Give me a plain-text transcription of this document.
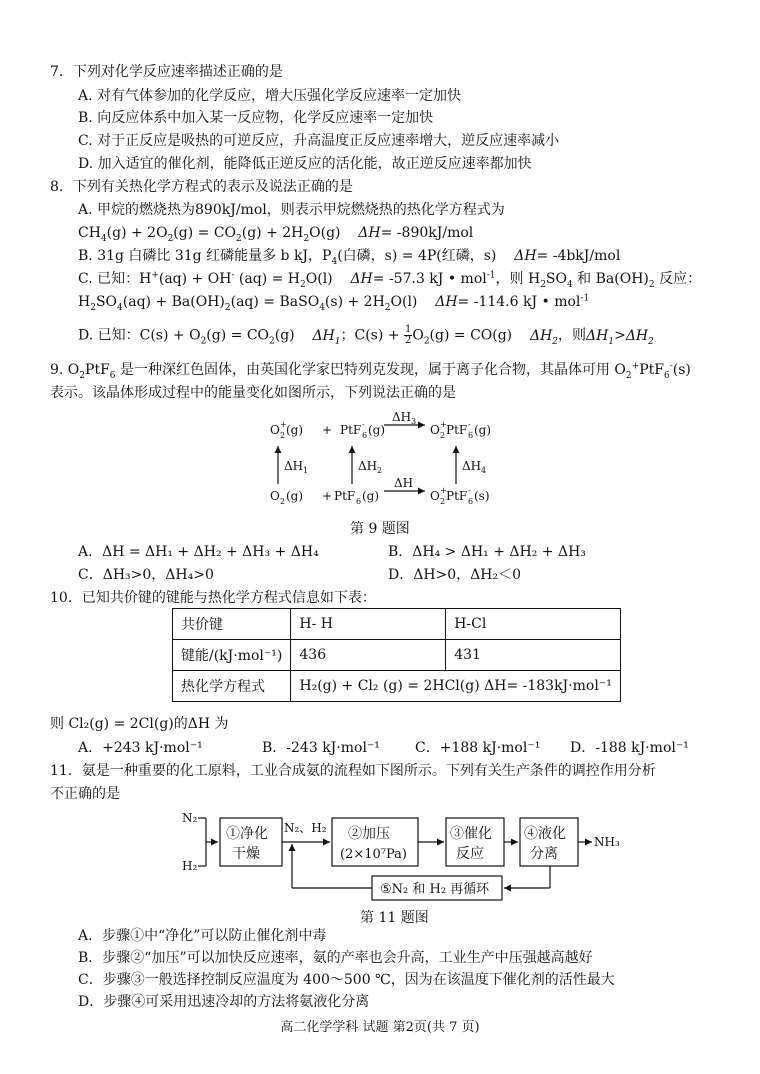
7．下列对化学反应速率描述正确的是
A. 对有气体参加的化学反应，增大压强化学反应速率一定加快
B. 向反应体系中加入某一反应物，化学反应速率一定加快
C. 对于正反应是吸热的可逆反应，升高温度正反应速率增大，逆反应速率减小
D. 加入适宜的催化剂，能降低正逆反应的活化能，故正逆反应速率都加快
8．下列有关热化学方程式的表示及说法正确的是
A. 甲烷的燃烧热为890kJ/mol，则表示甲烷燃烧热的热化学方程式为
$CH_4(g) + 2O_2(g) = CO_2(g) + 2H_2O(g)$    ΔH= -890kJ/mol
B. 31g 白磷比 31g 红磷能量多 b kJ，$P_4$(白磷，s) = 4P(红磷，s)    ΔH= -4bkJ/mol
C. 已知：H+(aq) + OH- $(aq) = H_2O(l)$    ΔH= -57.3 kJ • mol$^{-1}$，则 $H_2SO_4$ 和 $Ba(OH)_2$ 反应：
$H_2SO_4(aq) + Ba(OH)_2(aq)$ = BaSO$_4$(s) + $2H_2O(l)$    ΔH= -114.6 kJ • mol$^{-1}$
D. 已知：$C(s) + O_2(g) = CO_2(g)$    $\Delta H_1$；$C(s) + \frac{1}{2} O_2(g) = CO(g)$    $\Delta H_2$，则$\Delta H_1>\Delta H_2$
9. $O_2PtF_6$ 是一种深红色固体，由英国化学家巴特列克发现，属于离子化合物，其晶体可用 $O_2^+PtF_6^-(s)$
表示。该晶体形成过程中的能量变化如图所示，下列说法正确的是
O +
2 (g) + PtF -
6 (g)
ΔH 3
O +
2 PtF -
6 (g)
ΔH 1	ΔH 2	ΔH 4
O 2 (g) + PtF 6 (g)
ΔH
O +
2 PtF -
6 (s)
第 9 题图
A．ΔH = ΔH₁ + ΔH₂ + ΔH₃ + ΔH₄	B．ΔH₄ > ΔH₁ + ΔH₂ + ΔH₃
C．ΔH₃>0，ΔH₄>0	D．ΔH>0，ΔH₂＜0
10．已知共价键的键能与热化学方程式信息如下表：
共价键	H- H	H-Cl
键能/(kJ·mol⁻¹)	436	431
热化学方程式	H₂(g) + Cl₂ (g) = 2HCl(g) ΔH= -183kJ·mol⁻¹	
则 Cl₂(g) = 2Cl(g)的ΔH 为
A．+243 kJ·mol⁻¹	B．-243 kJ·mol⁻¹	C．+188 kJ·mol⁻¹ D．-188 kJ·mol⁻¹
11．氨是一种重要的化工原料，工业合成氨的流程如下图所示。下列有关生产条件的调控作用分析
不正确的是
N₂
H₂
①净化
干燥
N₂、H₂ ②加压
(2×10⁷Pa)
③催化
反应
④液化
分离
NH₃
⑤N₂ 和 H₂ 再循环
第 11 题图
A．步骤①中“净化”可以防止催化剂中毒
B．步骤②“加压”可以加快反应速率，氨的产率也会升高，工业生产中压强越高越好
C．步骤③一般选择控制反应温度为 400～500 ℃，因为在该温度下催化剂的活性最大
D．步骤④可采用迅速冷却的方法将氨液化分离
高二化学学科 试题 第2页(共 7 页)
